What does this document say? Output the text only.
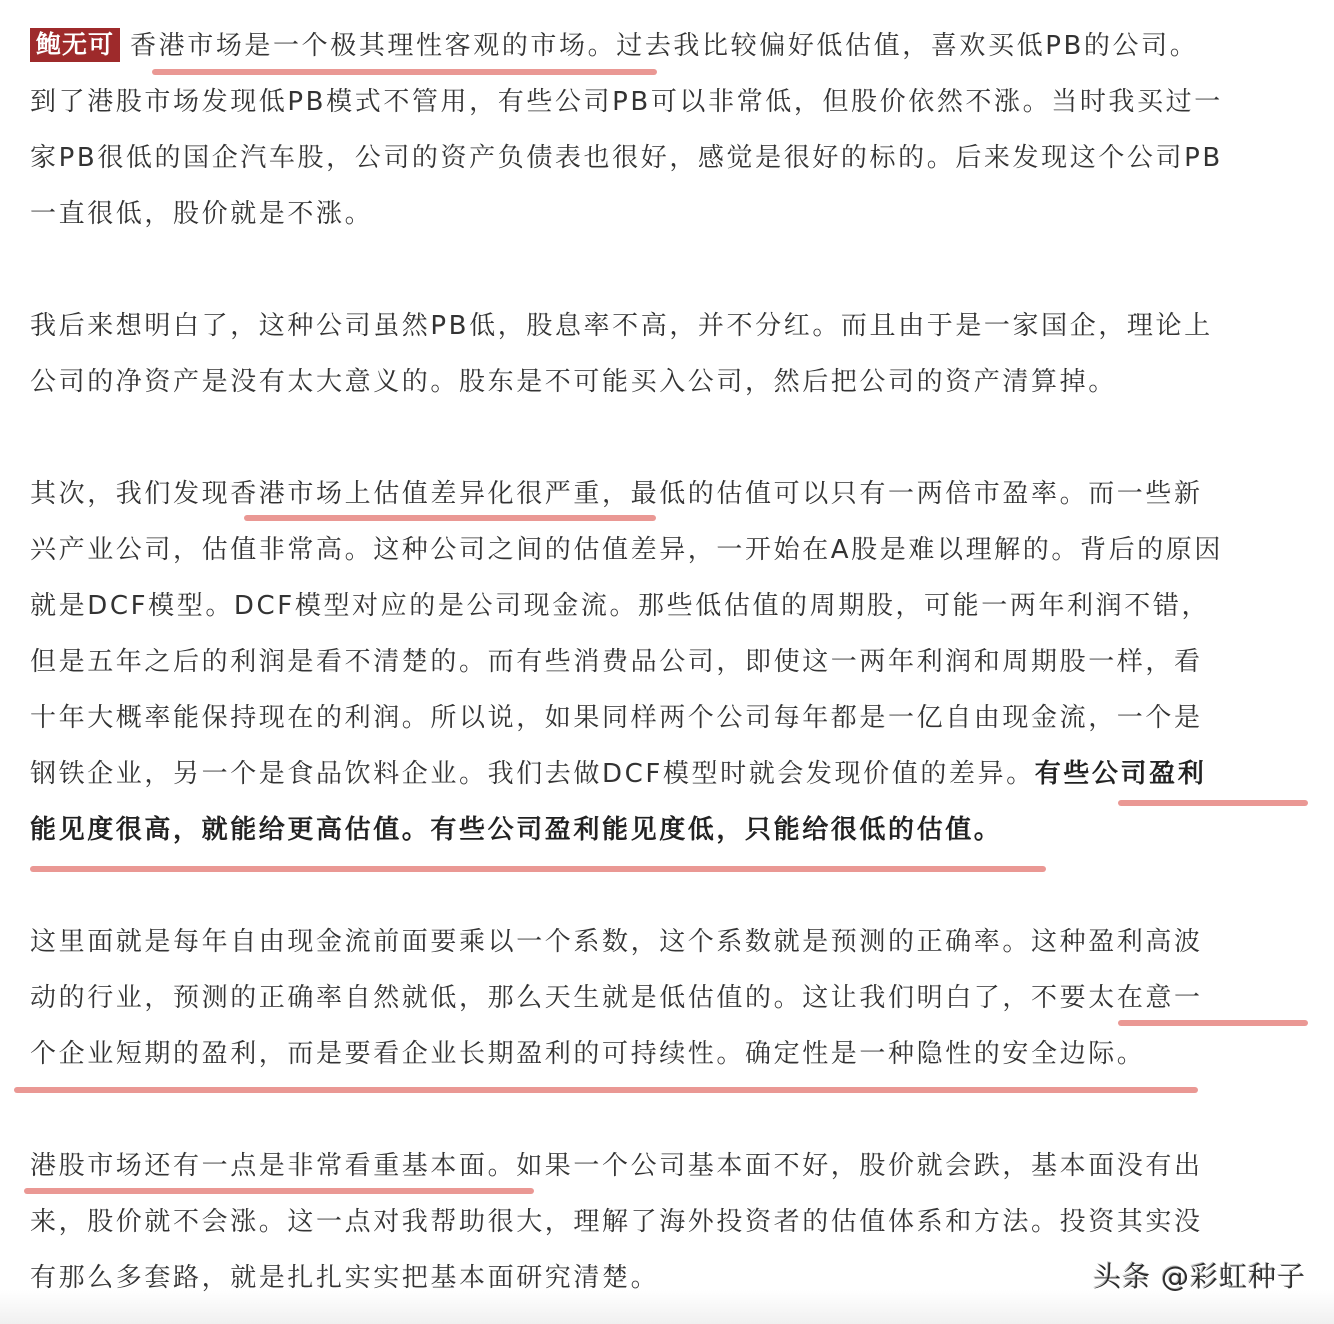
鲍无可 香港市场是一个极其理性客观的市场。过去我比较偏好低估值，喜欢买低PB的公司。
到了港股市场发现低PB模式不管用，有些公司PB可以非常低，但股价依然不涨。当时我买过一
家PB很低的国企汽车股，公司的资产负债表也很好，感觉是很好的标的。后来发现这个公司PB
一直很低，股价就是不涨。
我后来想明白了，这种公司虽然PB低，股息率不高，并不分红。而且由于是一家国企，理论上
公司的净资产是没有太大意义的。股东是不可能买入公司，然后把公司的资产清算掉。
其次，我们发现香港市场上估值差异化很严重，最低的估值可以只有一两倍市盈率。而一些新
兴产业公司，估值非常高。这种公司之间的估值差异，一开始在A股是难以理解的。背后的原因
就是DCF模型。DCF模型对应的是公司现金流。那些低估值的周期股，可能一两年利润不错，
但是五年之后的利润是看不清楚的。而有些消费品公司，即使这一两年利润和周期股一样，看
十年大概率能保持现在的利润。所以说，如果同样两个公司每年都是一亿自由现金流，一个是
钢铁企业，另一个是食品饮料企业。我们去做DCF模型时就会发现价值的差异。有些公司盈利
能见度很高，就能给更高估值。有些公司盈利能见度低，只能给很低的估值。
这里面就是每年自由现金流前面要乘以一个系数，这个系数就是预测的正确率。这种盈利高波
动的行业，预测的正确率自然就低，那么天生就是低估值的。这让我们明白了，不要太在意一
个企业短期的盈利，而是要看企业长期盈利的可持续性。确定性是一种隐性的安全边际。
港股市场还有一点是非常看重基本面。如果一个公司基本面不好，股价就会跌，基本面没有出
来，股价就不会涨。这一点对我帮助很大，理解了海外投资者的估值体系和方法。投资其实没
有那么多套路，就是扎扎实实把基本面研究清楚。	头条 @彩虹种子
